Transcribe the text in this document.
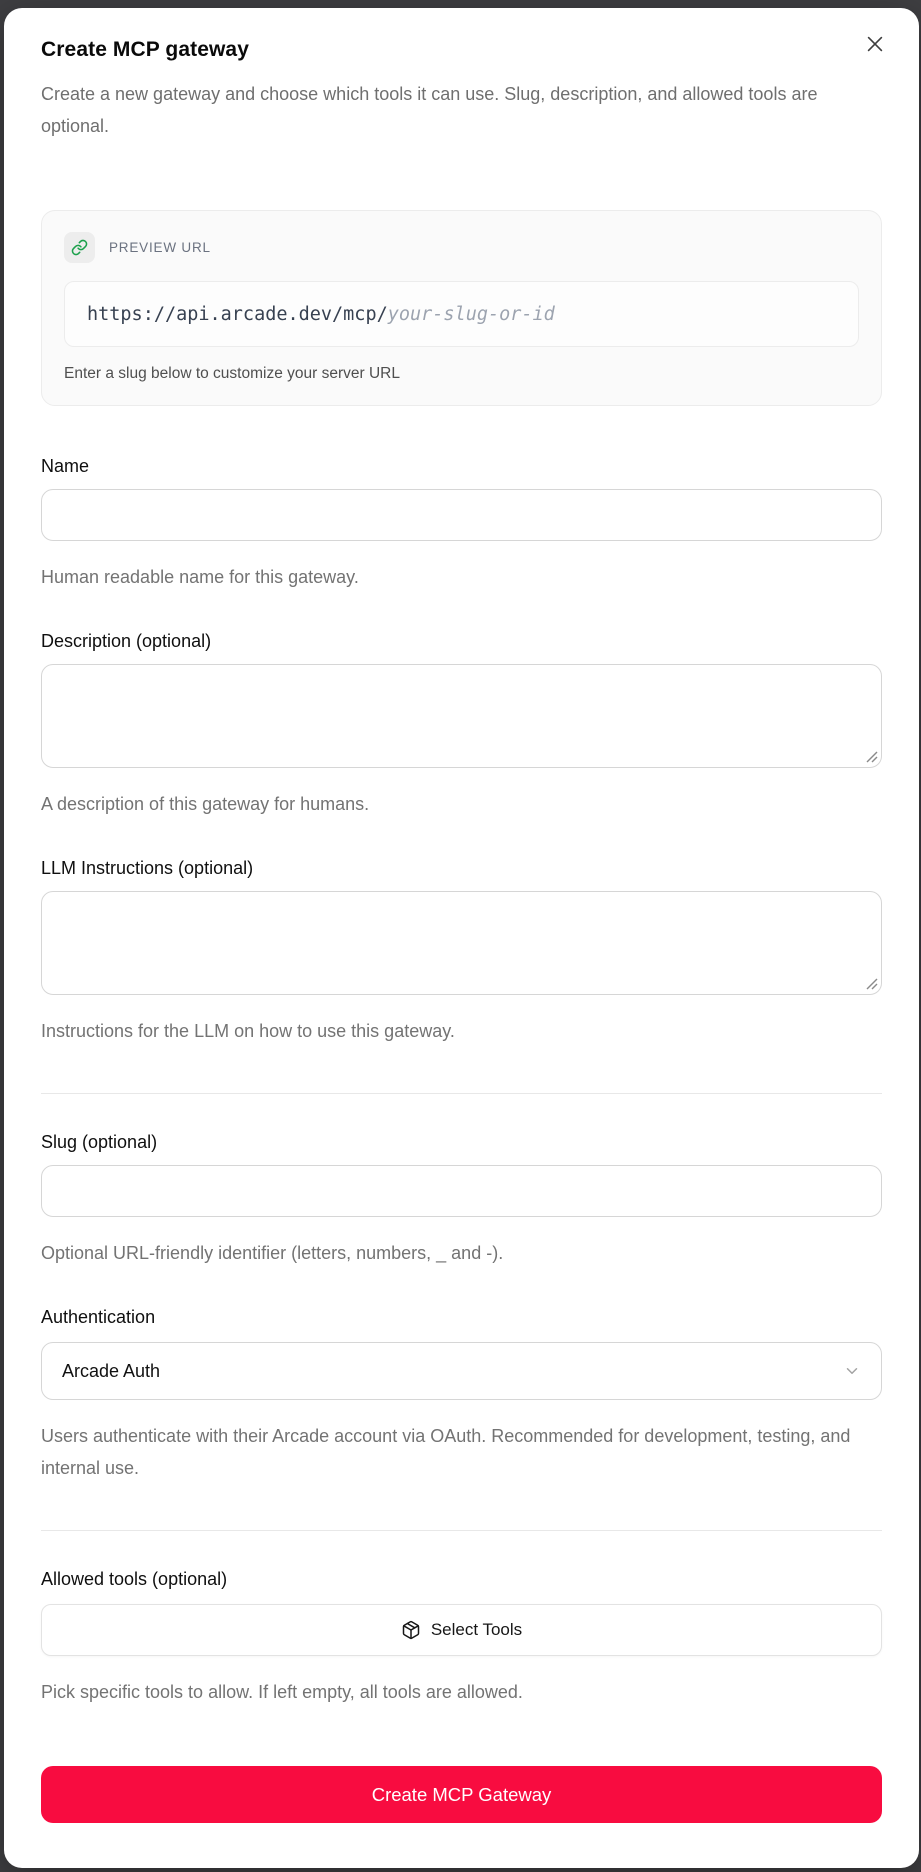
Create MCP gateway
Create a new gateway and choose which tools it can use. Slug, description, and allowed tools are optional.
PREVIEW URL
https://api.arcade.dev/mcp/ your-slug-or-id
Enter a slug below to customize your server URL
Name
Human readable name for this gateway.
Description (optional)
A description of this gateway for humans.
LLM Instructions (optional)
Instructions for the LLM on how to use this gateway.
Slug (optional)
Optional URL-friendly identifier (letters, numbers, _ and -).
Authentication
Arcade Auth
Users authenticate with their Arcade account via OAuth. Recommended for development, testing, and internal use.
Allowed tools (optional)
Select Tools
Pick specific tools to allow. If left empty, all tools are allowed.
Create MCP Gateway
